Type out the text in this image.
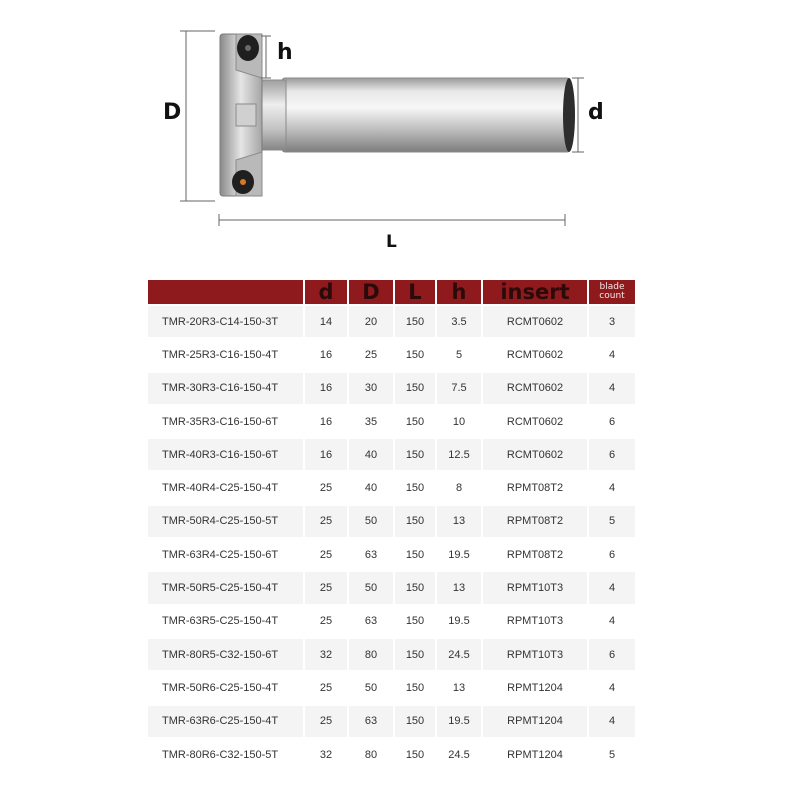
D
h
d
L
	d	D	L	h	insert	blade count
TMR-20R3-C14-150-3T	14	20	150	3.5	RCMT0602	3
TMR-25R3-C16-150-4T	16	25	150	5	RCMT0602	4
TMR-30R3-C16-150-4T	16	30	150	7.5	RCMT0602	4
TMR-35R3-C16-150-6T	16	35	150	10	RCMT0602	6
TMR-40R3-C16-150-6T	16	40	150	12.5	RCMT0602	6
TMR-40R4-C25-150-4T	25	40	150	8	RPMT08T2	4
TMR-50R4-C25-150-5T	25	50	150	13	RPMT08T2	5
TMR-63R4-C25-150-6T	25	63	150	19.5	RPMT08T2	6
TMR-50R5-C25-150-4T	25	50	150	13	RPMT10T3	4
TMR-63R5-C25-150-4T	25	63	150	19.5	RPMT10T3	4
TMR-80R5-C32-150-6T	32	80	150	24.5	RPMT10T3	6
TMR-50R6-C25-150-4T	25	50	150	13	RPMT1204	4
TMR-63R6-C25-150-4T	25	63	150	19.5	RPMT1204	4
TMR-80R6-C32-150-5T	32	80	150	24.5	RPMT1204	5
